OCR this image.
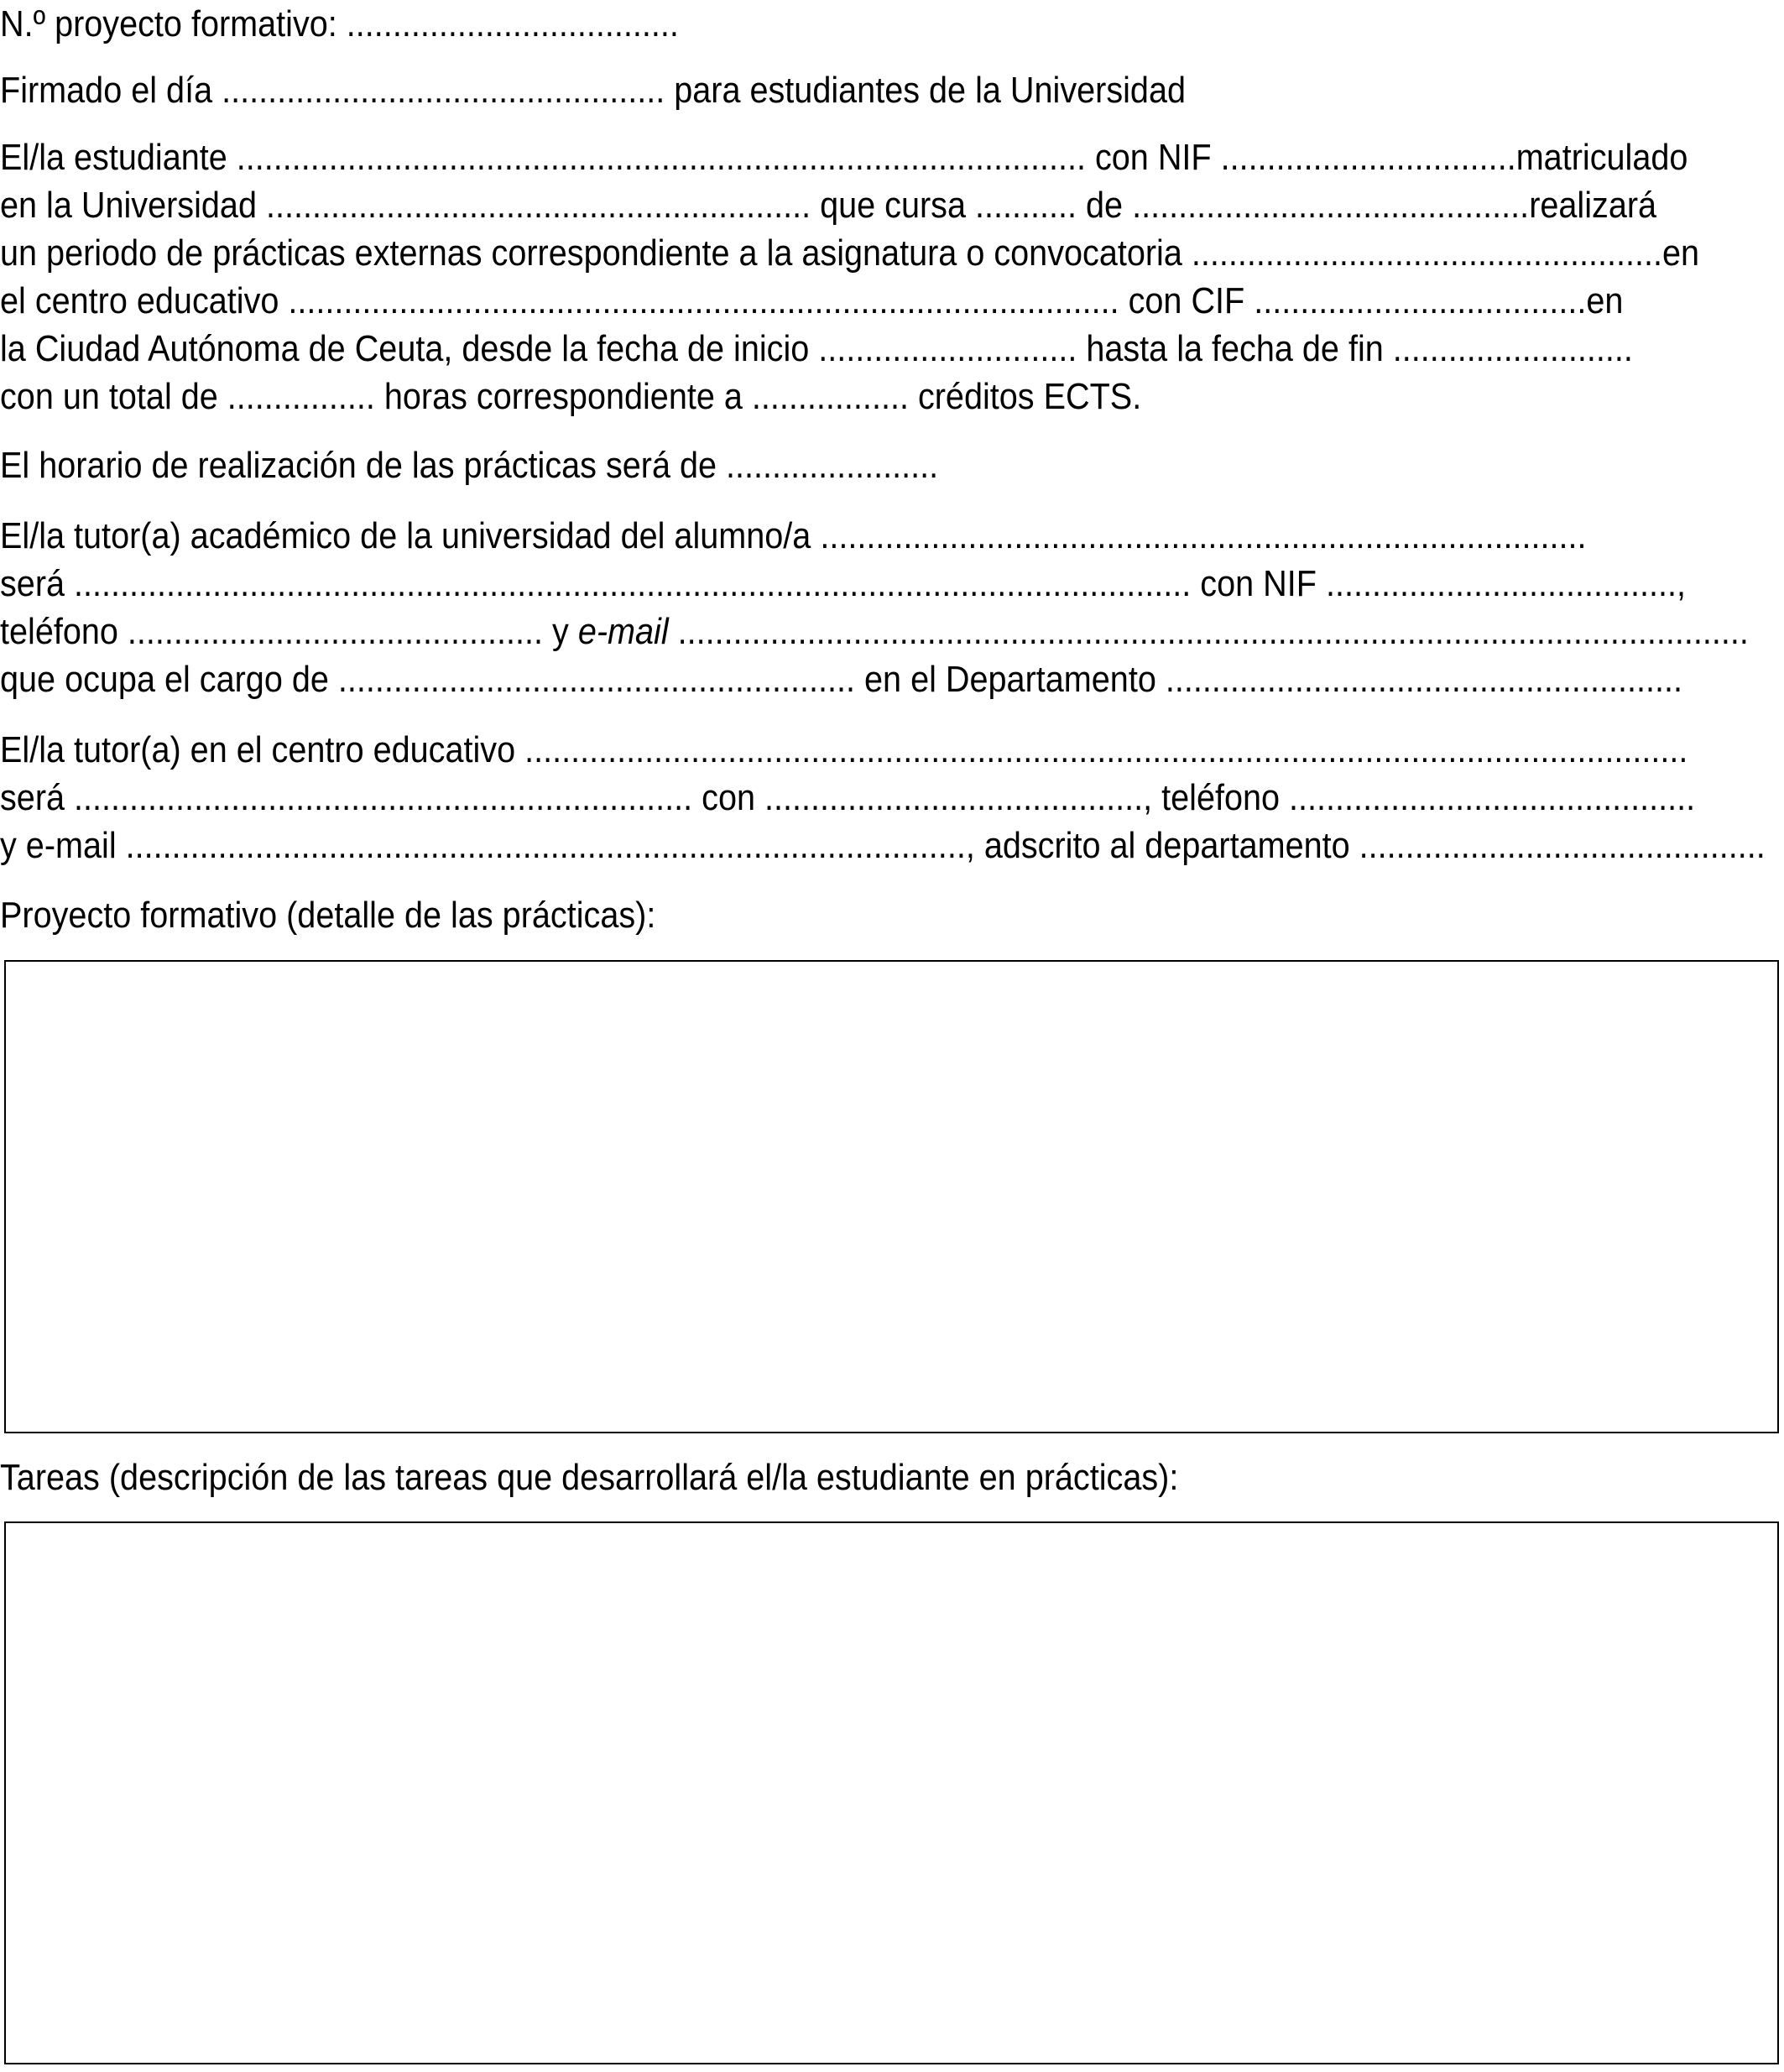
N.º proyecto formativo: ....................................
Firmado el día ................................................ para estudiantes de la Universidad
El/la estudiante ............................................................................................ con NIF ................................ matriculado
en la Universidad ........................................................... que cursa ........... de ........................................... realizará
un periodo de prácticas externas correspondiente a la asignatura o convocatoria ................................................... en
el centro educativo .......................................................................................... con CIF .................................... en
la Ciudad Autónoma de Ceuta, desde la fecha de inicio ............................ hasta la fecha de fin ..........................
con un total de ................ horas correspondiente a ................. créditos ECTS.
El horario de realización de las prácticas será de .......................
El/la tutor(a) académico de la universidad del alumno/a ...................................................................................
será ......................................................................................................................... con NIF ...................................... ,
teléfono ............................................. y e-mail ....................................................................................................................
que ocupa el cargo de ........................................................ en el Departamento ........................................................
El/la tutor(a) en el centro educativo ..............................................................................................................................
será ................................................................... con ........................................., teléfono ............................................
y e-mail ..........................................................................................., adscrito al departamento ............................................
Proyecto formativo (detalle de las prácticas):
Tareas (descripción de las tareas que desarrollará el/la estudiante en prácticas):
